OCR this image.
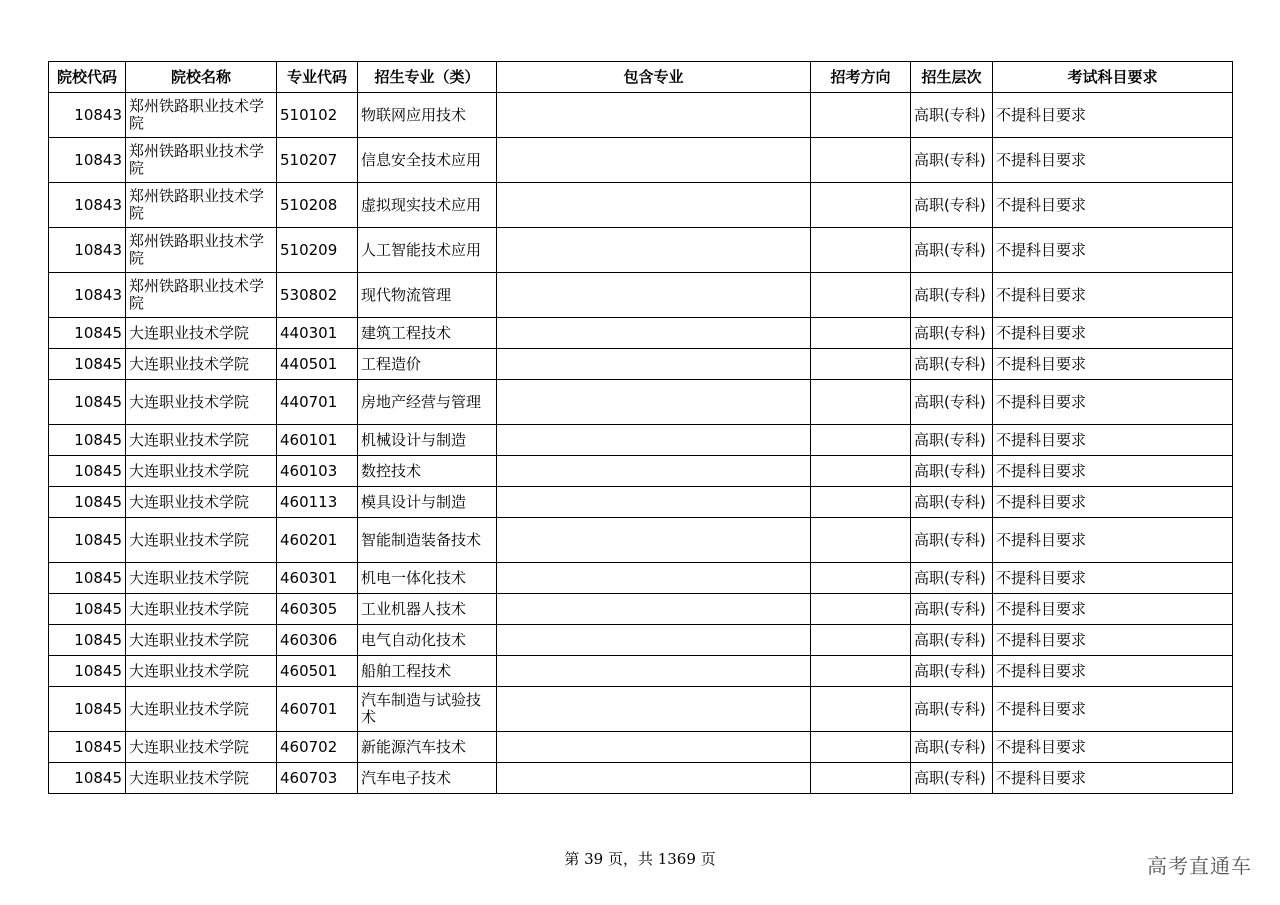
院校代码	院校名称	专业代码	招生专业（类）	包含专业	招考方向	招生层次	考试科目要求
10843	郑州铁路职业技术学院	510102	物联网应用技术			高职(专科)	不提科目要求
10843	郑州铁路职业技术学院	510207	信息安全技术应用			高职(专科)	不提科目要求
10843	郑州铁路职业技术学院	510208	虚拟现实技术应用			高职(专科)	不提科目要求
10843	郑州铁路职业技术学院	510209	人工智能技术应用			高职(专科)	不提科目要求
10843	郑州铁路职业技术学院	530802	现代物流管理			高职(专科)	不提科目要求
10845	大连职业技术学院	440301	建筑工程技术			高职(专科)	不提科目要求
10845	大连职业技术学院	440501	工程造价			高职(专科)	不提科目要求
10845	大连职业技术学院	440701	房地产经营与管理			高职(专科)	不提科目要求
10845	大连职业技术学院	460101	机械设计与制造			高职(专科)	不提科目要求
10845	大连职业技术学院	460103	数控技术			高职(专科)	不提科目要求
10845	大连职业技术学院	460113	模具设计与制造			高职(专科)	不提科目要求
10845	大连职业技术学院	460201	智能制造装备技术			高职(专科)	不提科目要求
10845	大连职业技术学院	460301	机电一体化技术			高职(专科)	不提科目要求
10845	大连职业技术学院	460305	工业机器人技术			高职(专科)	不提科目要求
10845	大连职业技术学院	460306	电气自动化技术			高职(专科)	不提科目要求
10845	大连职业技术学院	460501	船舶工程技术			高职(专科)	不提科目要求
10845	大连职业技术学院	460701	汽车制造与试验技术			高职(专科)	不提科目要求
10845	大连职业技术学院	460702	新能源汽车技术			高职(专科)	不提科目要求
10845	大连职业技术学院	460703	汽车电子技术			高职(专科)	不提科目要求
第 39 页，共 1369 页	高考直通车
